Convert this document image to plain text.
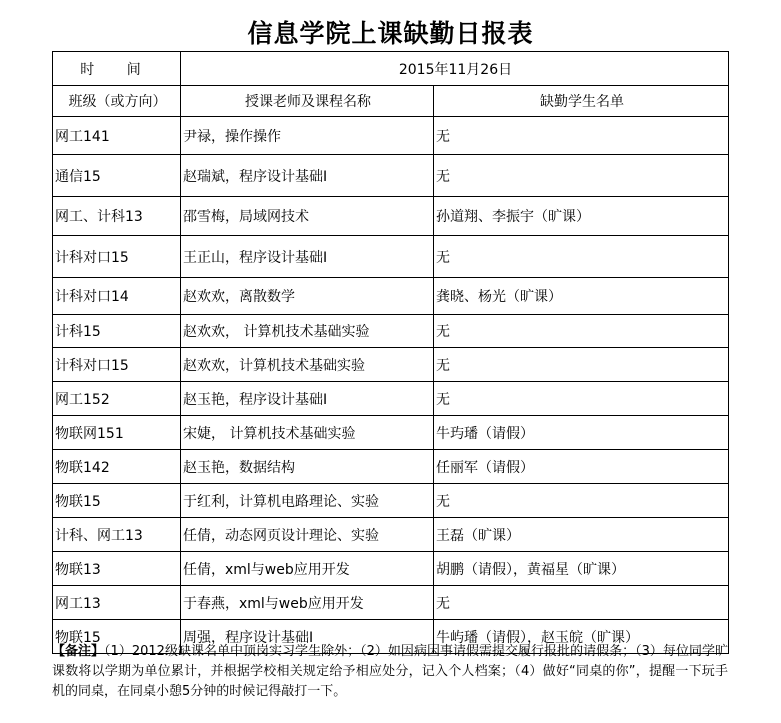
信息学院上课缺勤日报表
时 间	2015年11月26日	
班级（或方向）	授课老师及课程名称	缺勤学生名单
网工141	尹禄，操作操作	无
通信15	赵瑞斌，程序设计基础I	无
网工、计科13	邵雪梅，局域网技术	孙道翔、李振宇（旷课）
计科对口15	王正山，程序设计基础I	无
计科对口14	赵欢欢，离散数学	龚晓、杨光（旷课）
计科15	赵欢欢， 计算机技术基础实验	无
计科对口15	赵欢欢，计算机技术基础实验	无
网工152	赵玉艳，程序设计基础I	无
物联网151	宋婕， 计算机技术基础实验	牛玙璠（请假）
物联142	赵玉艳，数据结构	任丽军（请假）
物联15	于红利，计算机电路理论、实验	无
计科、网工13	任倩，动态网页设计理论、实验	王磊（旷课）
物联13	任倩，xml与web应用开发	胡鹏（请假），黄福星（旷课）
网工13	于春燕，xml与web应用开发	无
物联15	周强，程序设计基础I	牛屿璠（请假），赵玉皖（旷课）
【备注】（1）2012级缺课名单中顶岗实习学生除外；（2）如因病因事请假需提交履行报批的请假条；（3）每位同学旷课数将以学期为单位累计，并根据学校相关规定给予相应处分，记入个人档案；（4）做好“同桌的你”，提醒一下玩手机的同桌，在同桌小憩5分钟的时候记得敲打一下。
